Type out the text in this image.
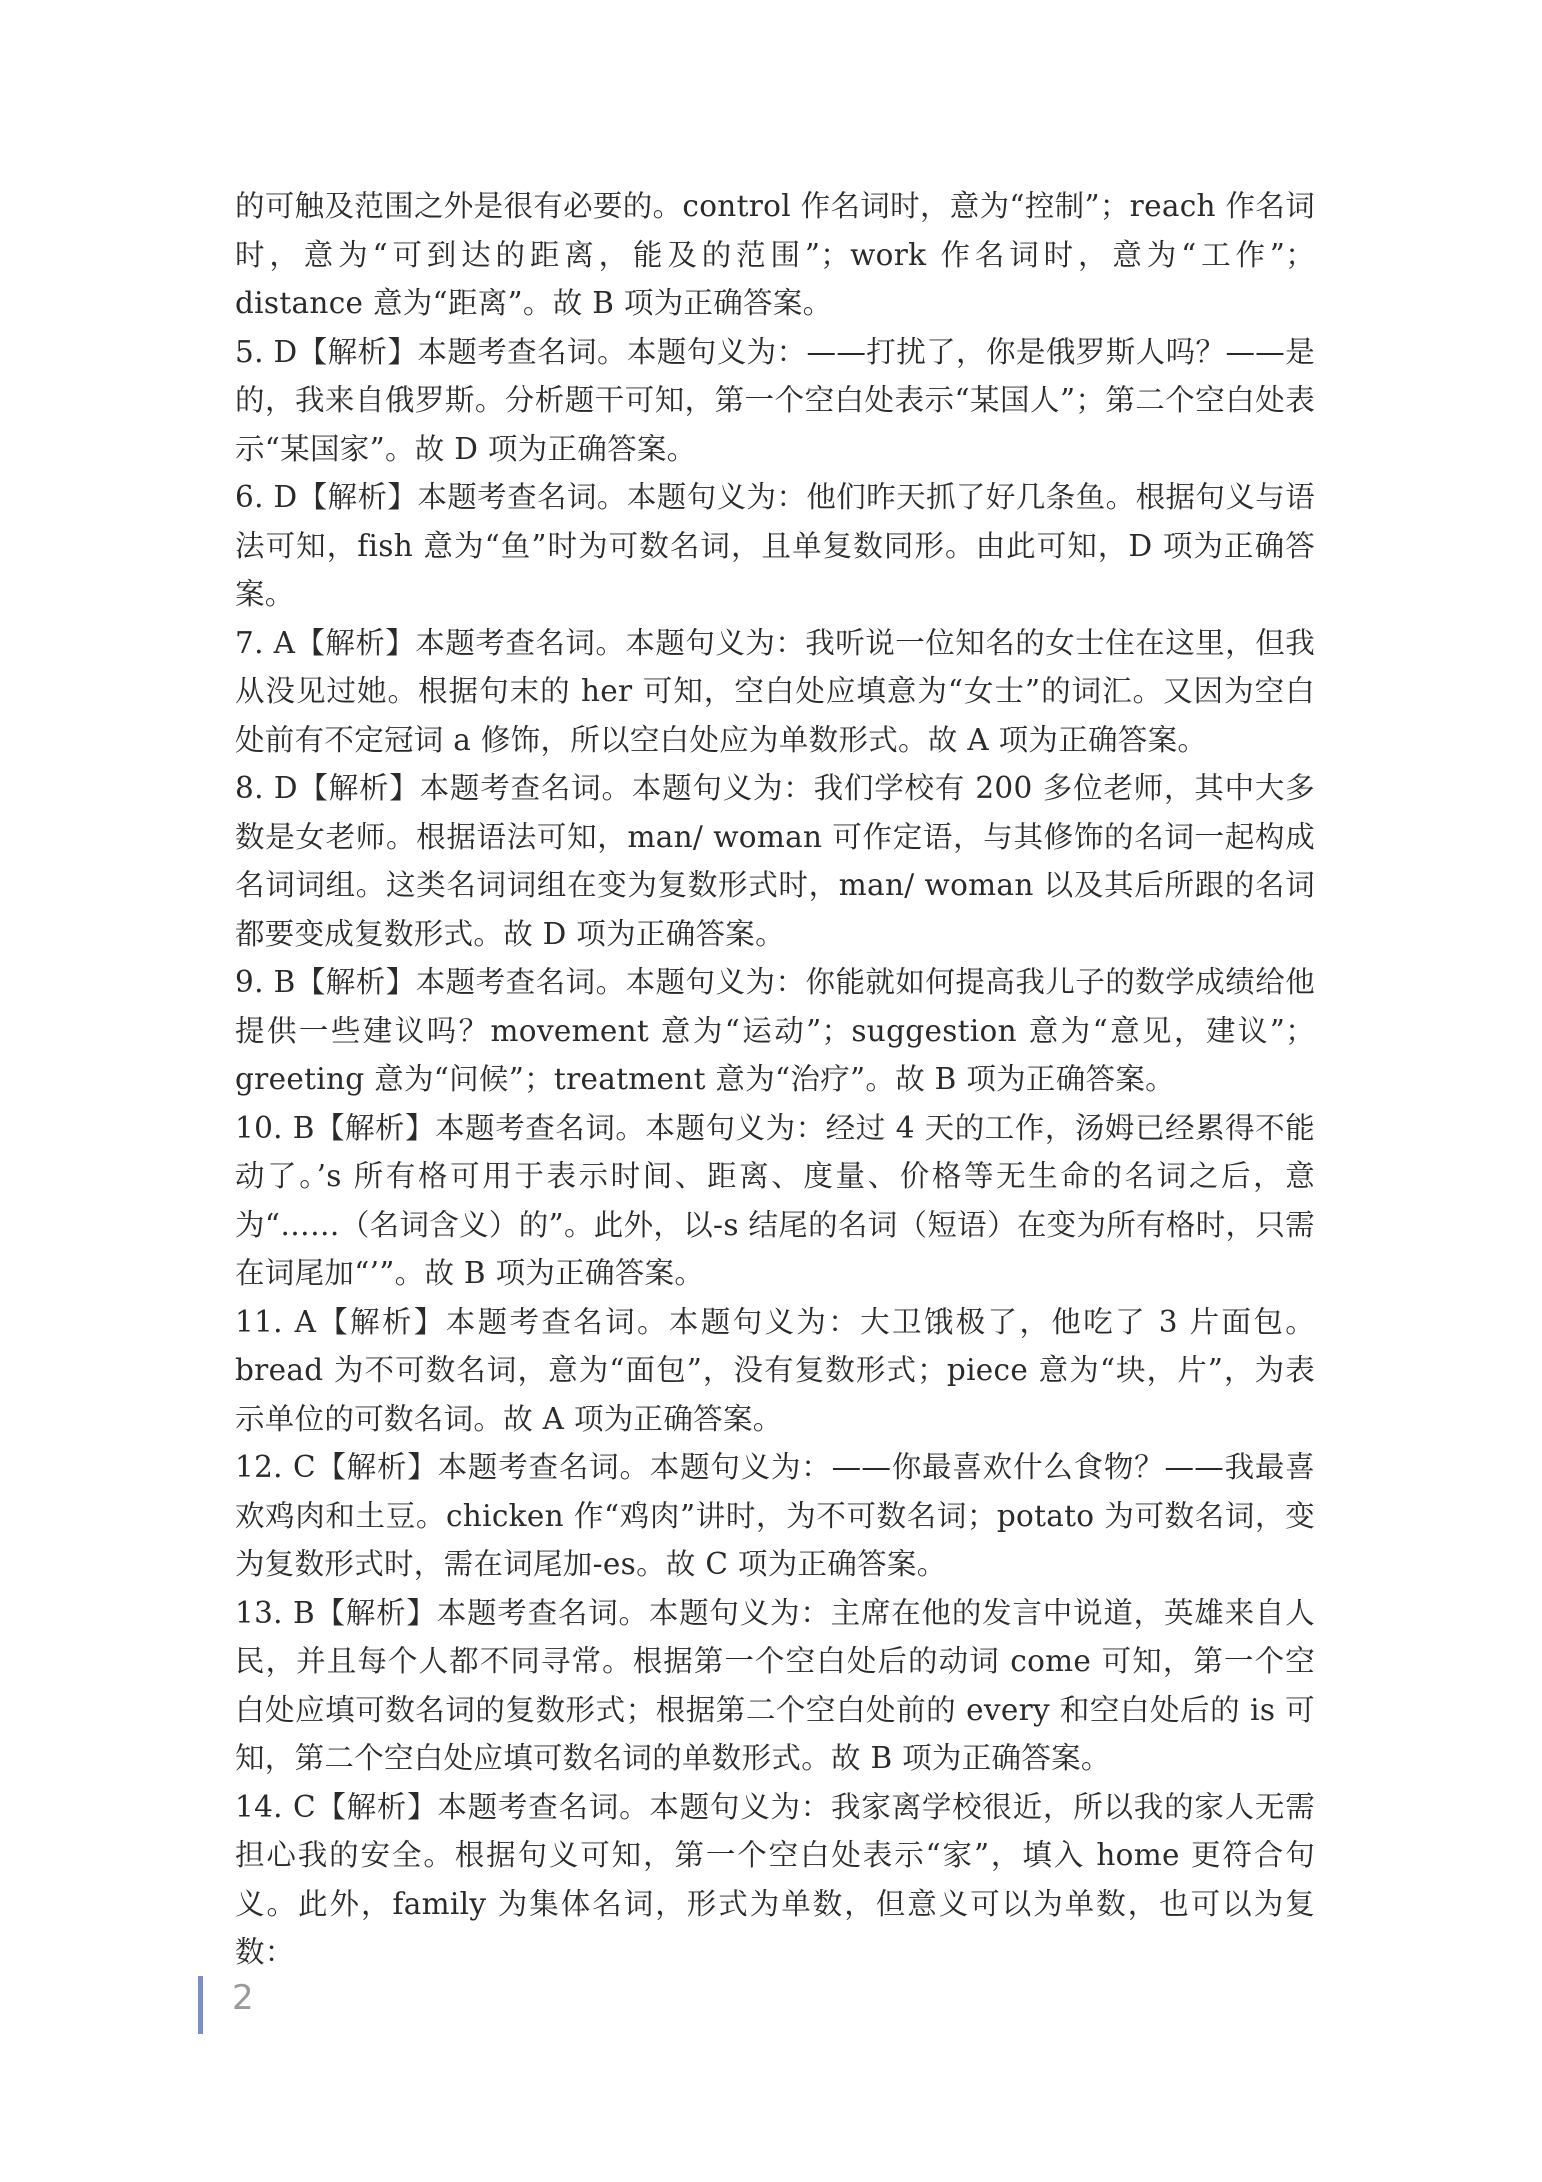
的可触及范围之外是很有必要的。control 作名词时，意为“控制”；reach 作名词时，意为“可到达的距离，能及的范围”；work 作名词时，意为“工作”；distance 意为“距离”。故 B 项为正确答案。

5. D【解析】本题考查名词。本题句义为：——打扰了，你是俄罗斯人吗？——是的，我来自俄罗斯。分析题干可知，第一个空白处表示“某国人”；第二个空白处表示“某国家”。故 D 项为正确答案。

6. D【解析】本题考查名词。本题句义为：他们昨天抓了好几条鱼。根据句义与语法可知，fish 意为“鱼”时为可数名词，且单复数同形。由此可知，D 项为正确答案。

7. A【解析】本题考查名词。本题句义为：我听说一位知名的女士住在这里，但我从没见过她。根据句末的 her 可知，空白处应填意为“女士”的词汇。又因为空白处前有不定冠词 a 修饰，所以空白处应为单数形式。故 A 项为正确答案。

8. D【解析】本题考查名词。本题句义为：我们学校有 200 多位老师，其中大多数是女老师。根据语法可知，man/ woman 可作定语，与其修饰的名词一起构成名词词组。这类名词词组在变为复数形式时，man/ woman 以及其后所跟的名词都要变成复数形式。故 D 项为正确答案。

9. B【解析】本题考查名词。本题句义为：你能就如何提高我儿子的数学成绩给他提供一些建议吗？movement 意为“运动”；suggestion 意为“意见，建议”；greeting 意为“问候”；treatment 意为“治疗”。故 B 项为正确答案。

10. B【解析】本题考查名词。本题句义为：经过 4 天的工作，汤姆已经累得不能动了。’s 所有格可用于表示时间、距离、度量、价格等无生命的名词之后，意为“……（名词含义）的”。此外，以-s 结尾的名词（短语）在变为所有格时，只需在词尾加“’”。故 B 项为正确答案。

11. A【解析】本题考查名词。本题句义为：大卫饿极了，他吃了 3 片面包。bread 为不可数名词，意为“面包”，没有复数形式；piece 意为“块，片”，为表示单位的可数名词。故 A 项为正确答案。

12. C【解析】本题考查名词。本题句义为：——你最喜欢什么食物？——我最喜欢鸡肉和土豆。chicken 作“鸡肉”讲时，为不可数名词；potato 为可数名词，变为复数形式时，需在词尾加-es。故 C 项为正确答案。

13. B【解析】本题考查名词。本题句义为：主席在他的发言中说道，英雄来自人民，并且每个人都不同寻常。根据第一个空白处后的动词 come 可知，第一个空白处应填可数名词的复数形式；根据第二个空白处前的 every 和空白处后的 is 可知，第二个空白处应填可数名词的单数形式。故 B 项为正确答案。

14. C【解析】本题考查名词。本题句义为：我家离学校很近，所以我的家人无需担心我的安全。根据句义可知，第一个空白处表示“家”，填入 home 更符合句义。此外，family 为集体名词，形式为单数，但意义可以为单数，也可以为复数：

2
